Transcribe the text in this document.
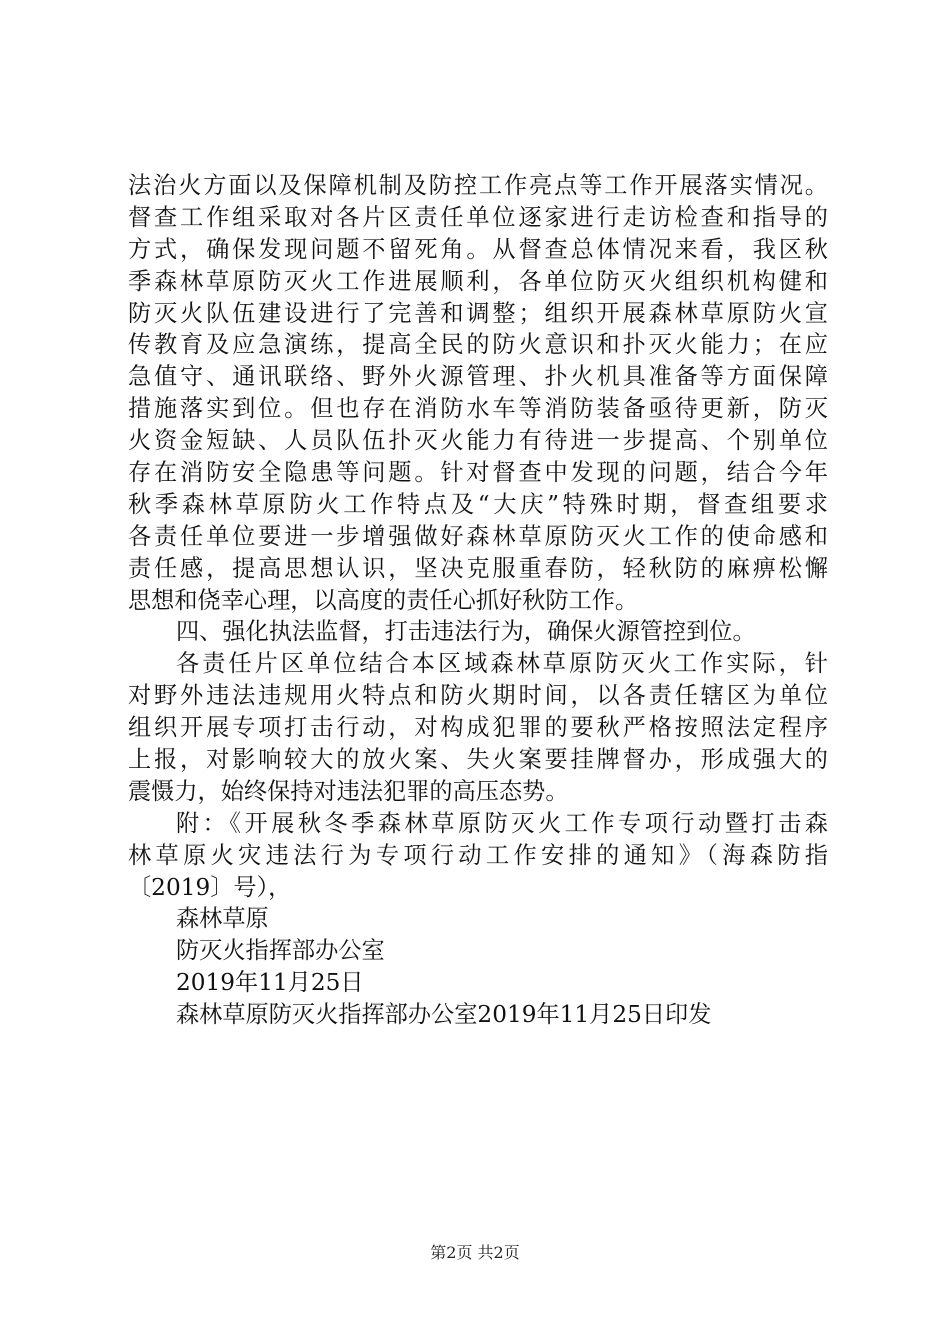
法治火方面以及保障机制及防控工作亮点等工作开展落实情况。
督查工作组采取对各片区责任单位逐家进行走访检查和指导的
方式，确保发现问题不留死角。从督查总体情况来看，我区秋
季森林草原防灭火工作进展顺利，各单位防灭火组织机构健和
防灭火队伍建设进行了完善和调整；组织开展森林草原防火宣
传教育及应急演练，提高全民的防火意识和扑灭火能力；在应
急值守、通讯联络、野外火源管理、扑火机具准备等方面保障
措施落实到位。但也存在消防水车等消防装备亟待更新，防灭
火资金短缺、人员队伍扑灭火能力有待进一步提高、个别单位
存在消防安全隐患等问题。针对督查中发现的问题，结合今年
秋季森林草原防火工作特点及“大庆”特殊时期，督查组要求
各责任单位要进一步增强做好森林草原防灭火工作的使命感和
责任感，提高思想认识，坚决克服重春防，轻秋防的麻痹松懈
思想和侥幸心理，以高度的责任心抓好秋防工作。
四、强化执法监督，打击违法行为，确保火源管控到位。
各责任片区单位结合本区域森林草原防灭火工作实际，针
对野外违法违规用火特点和防火期时间，以各责任辖区为单位
组织开展专项打击行动，对构成犯罪的要秋严格按照法定程序
上报，对影响较大的放火案、失火案要挂牌督办，形成强大的
震慑力，始终保持对违法犯罪的高压态势。
附：《开展秋冬季森林草原防灭火工作专项行动暨打击森
林草原火灾违法行为专项行动工作安排的通知》（海森防指
〔2019〕号），
森林草原
防灭火指挥部办公室
2019年11月25日
森林草原防灭火指挥部办公室2019年11月25日印发
第2页 共2页
